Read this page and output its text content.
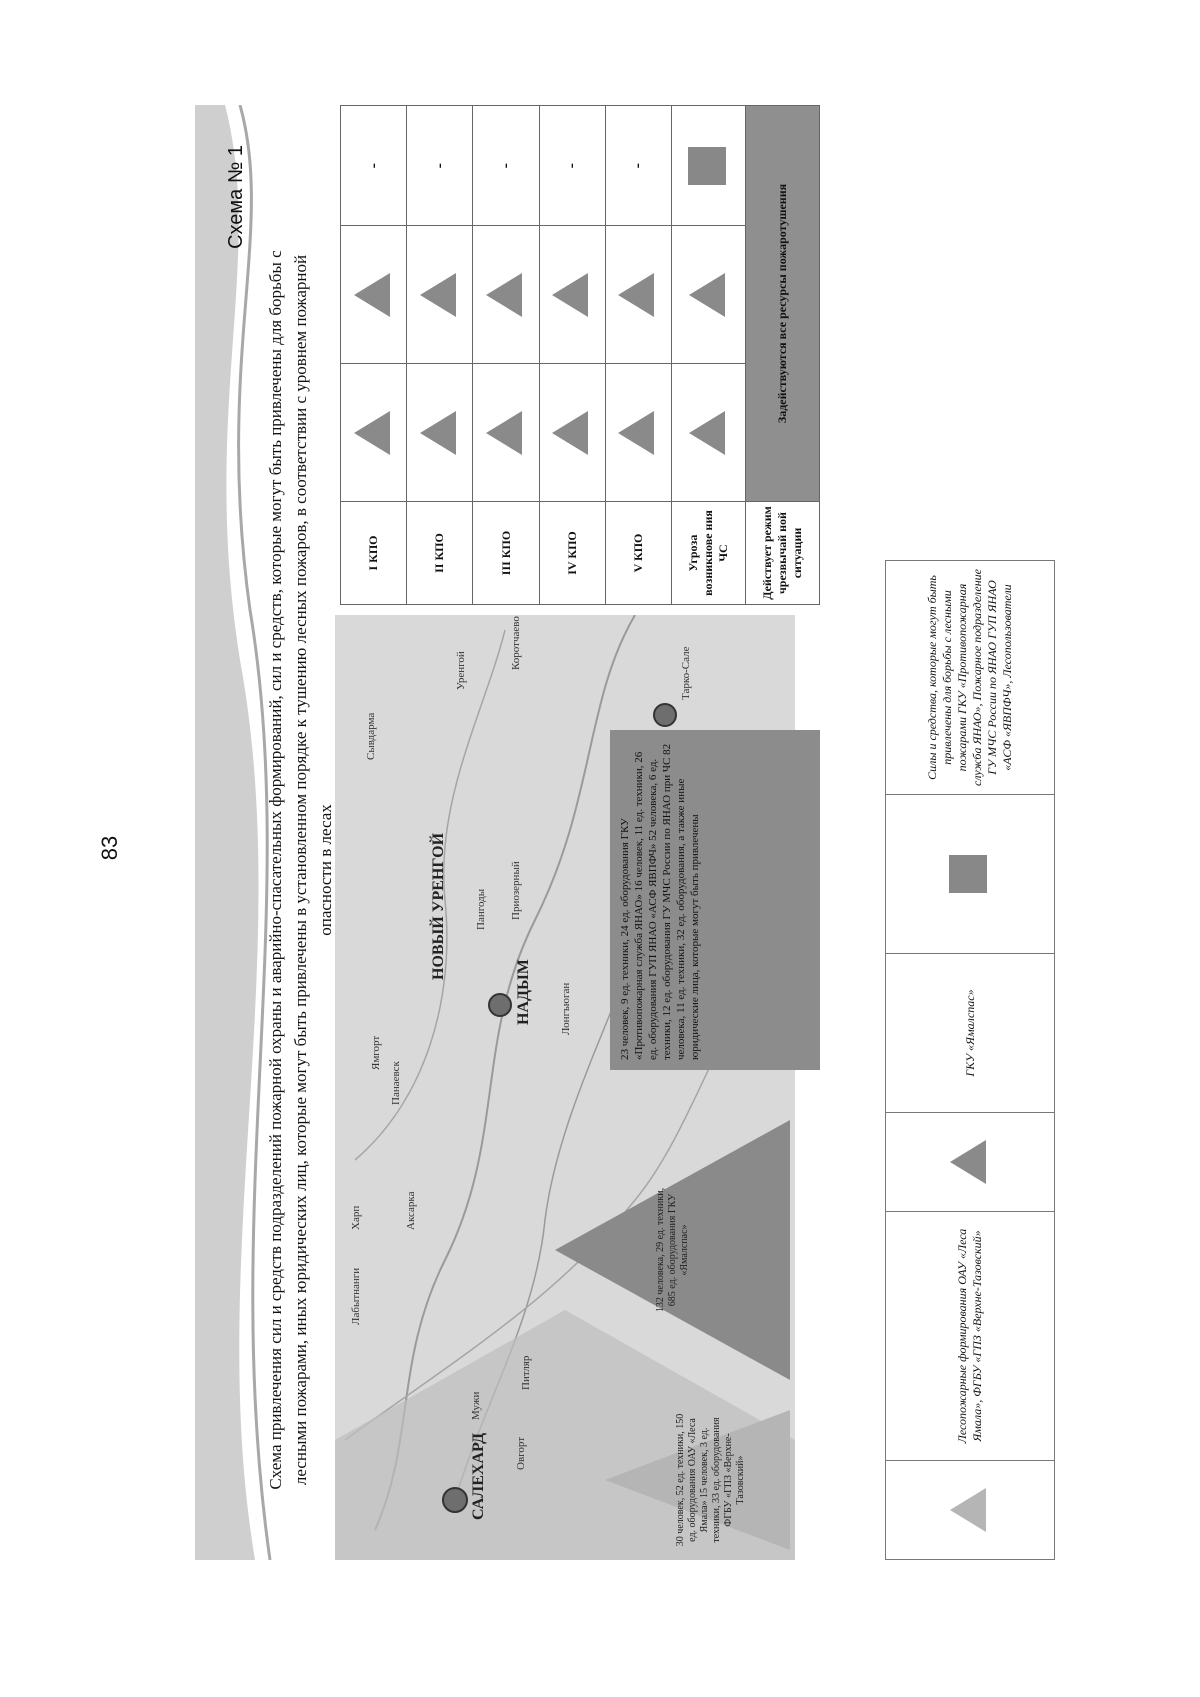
83
Схема № 1
Схема привлечения сил и средств подразделений пожарной охраны и аварийно-спасательных формирований, сил и средств, которые могут быть привлечены для борьбы с лесными пожарами, иных юридических лиц, которые могут быть привлечены в установленном порядке к тушению лесных пожаров, в соответствии с уровнем пожарной опасности в лесах
САЛЕХАРД
НАДЫМ
НОВЫЙ УРЕНГОЙ
Аксарка
Панаевск
Ямгорт
Пангоды Приозерный
Лонгъюган
Сывдарма
Уренгой
Коротчаево
Тарко-Сале
Мужи
Овгорт
Питляр
Харп
Лабытнанги
30 человек, 52 ед. техники, 150 ед. оборудования ОАУ «Леса Ямала» 15 человек, 3 ед. техники, 33 ед. оборудования ФГБУ «ГПЗ «Верхне-Тазовский»
132 человека, 29 ед. техники, 685 ед. оборудования ГКУ «Ямалспас»
23 человек, 9 ед. техники, 24 ед. оборудования ГКУ «Противопожарная служба ЯНАО» 16 человек, 11 ед. техники, 26 ед. оборудования ГУП ЯНАО «АСФ ЯВПФЧ» 52 человека, 6 ед. техники, 12 ед. оборудования ГУ МЧС России по ЯНАО при ЧС 82 человека, 11 ед. техники, 32 ед. оборудования, а также иные юридические лица, которые могут быть привлечены
I КПО			-
II КПО			-
III КПО			-
IV КПО			-
V КПО			-
Угроза возникнове ния ЧС			
Действует режим чрезвычай ной ситуации	Задействуются все ресурсы пожаротушения		
	Лесопожарные формирования ОАУ «Леса Ямала», ФГБУ «ГПЗ «Верхне-Тазовский»		ГКУ «Ямалспас»		Силы и средства, которые могут быть привлечены для борьбы с лесными пожарами ГКУ «Противопожарная служба ЯНАО», Пожарное подразделение ГУ МЧС России по ЯНАО ГУП ЯНАО «АСФ «ЯВПФЧ», Лесопользователи
